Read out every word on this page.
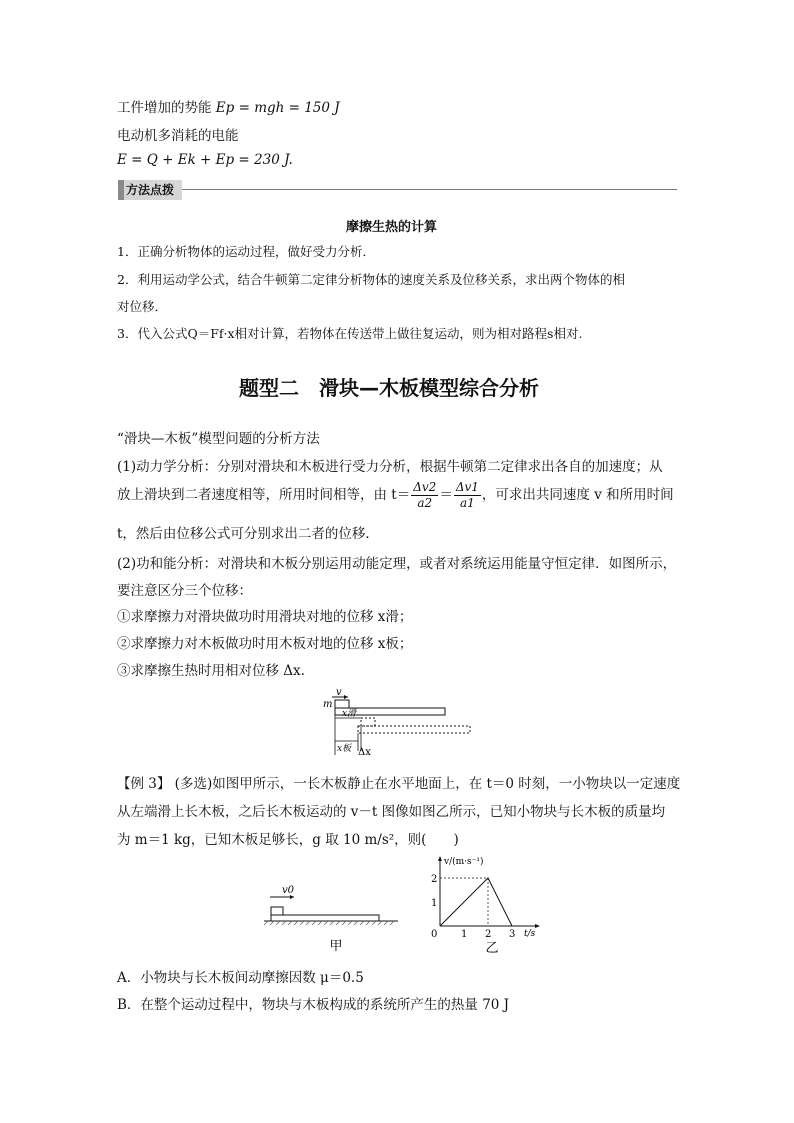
工件增加的势能 Ep = mgh = 150 J
电动机多消耗的电能
E = Q + Ek + Ep = 230 J.
方法点拨
摩擦生热的计算
1．正确分析物体的运动过程，做好受力分析．
2．利用运动学公式，结合牛顿第二定律分析物体的速度关系及位移关系，求出两个物体的相
对位移．
3．代入公式Q＝Ff·x相对计算，若物体在传送带上做往复运动，则为相对路程s相对.
题型二　滑块—木板模型综合分析
“滑块—木板”模型问题的分析方法
(1)动力学分析：分别对滑块和木板进行受力分析，根据牛顿第二定律求出各自的加速度；从
放上滑块到二者速度相等，所用时间相等，由 $t= \frac{\Delta v2}{a2} = \frac{\Delta v1}{a1}$ ，可求出共同速度 v 和所用时间
t，然后由位移公式可分别求出二者的位移．
(2)功和能分析：对滑块和木板分别运用动能定理，或者对系统运用能量守恒定律．如图所示，
要注意区分三个位移：
①求摩擦力对滑块做功时用滑块对地的位移 x滑；
②求摩擦力对木板做功时用木板对地的位移 x板；
③求摩擦生热时用相对位移 Δx.
v
m
x滑
x板 Δx
【例 3】 (多选)如图甲所示，一长木板静止在水平地面上，在 t＝0 时刻，一小物块以一定速度
从左端滑上长木板，之后长木板运动的 v－t 图像如图乙所示，已知小物块与长木板的质量均
为 m＝1 kg，已知木板足够长，g 取 10 m/s²，则(　　)
v0
甲
v/(m·s⁻¹)
t/s
0 1 2 3
1
2
乙
A．小物块与长木板间动摩擦因数 μ＝0.5
B．在整个运动过程中，物块与木板构成的系统所产生的热量 70 J
